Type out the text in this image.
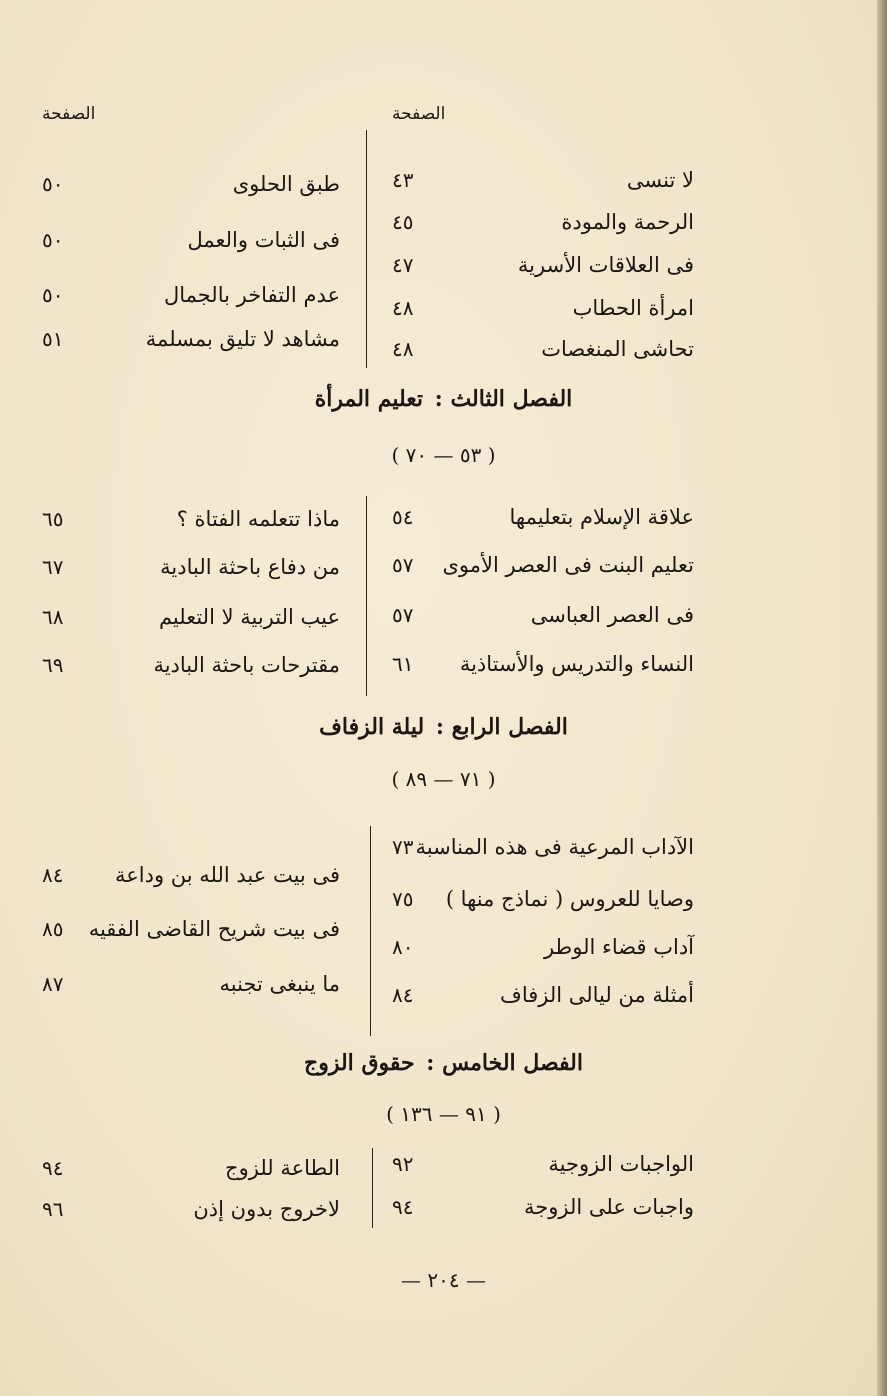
الصفحة
الصفحة
لا تنسى
٤٣
الرحمة والمودة
٤٥
فى العلاقات الأسرية
٤٧
امرأة الحطاب
٤٨
تحاشى المنغصات
٤٨
طبق الحلوى
٥٠
فى الثبات والعمل
٥٠
عدم التفاخر بالجمال
٥٠
مشاهد لا تليق بمسلمة
٥١
الفصل الثالث : تعليم المرأة
( ٥٣ — ٧٠ )
علاقة الإسلام بتعليمها
٥٤
تعليم البنت فى العصر الأموى
٥٧
فى العصر العباسى
٥٧
النساء والتدريس والأستاذية
٦١
ماذا تتعلمه الفتاة ؟
٦٥
من دفاع باحثة البادية
٦٧
عيب التربية لا التعليم
٦٨
مقترحات باحثة البادية
٦٩
الفصل الرابع : ليلة الزفاف
( ٧١ — ٨٩ )
الآداب المرعية فى هذه المناسبة
٧٣
وصايا للعروس ( نماذج منها )
٧٥
آداب قضاء الوطر
٨٠
أمثلة من ليالى الزفاف
٨٤
فى بيت عبد الله بن وداعة
٨٤
فى بيت شريح القاضى الفقيه
٨٥
ما ينبغى تجنبه
٨٧
الفصل الخامس : حقوق الزوج
( ٩١ — ١٣٦ )
الواجبات الزوجية
٩٢
واجبات على الزوجة
٩٤
الطاعة للزوج
٩٤
لاخروج بدون إذن
٩٦
— ٢٠٤ —
